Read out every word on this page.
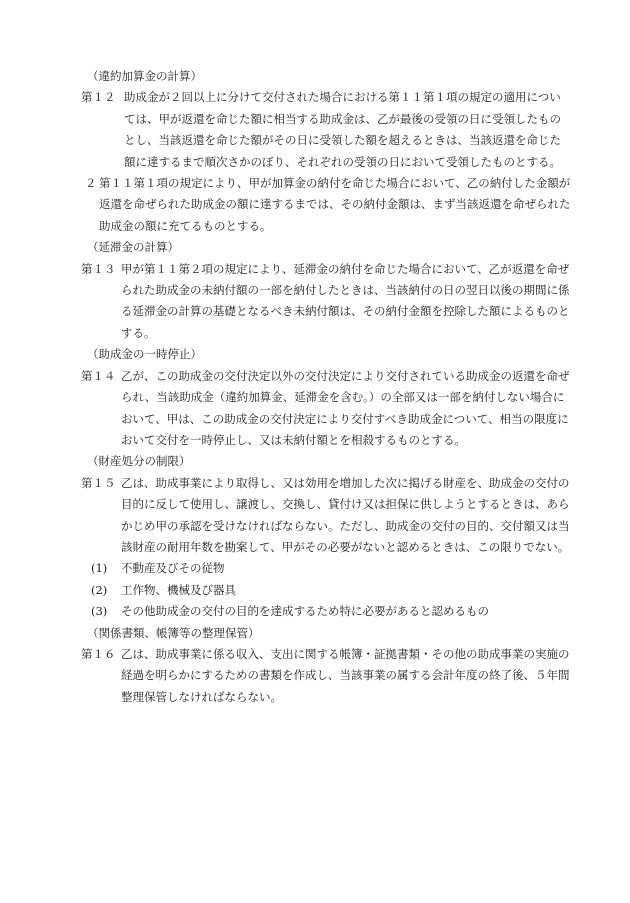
（違約加算金の計算）
第１２ 助成金が２回以上に分けて交付された場合における第１１第１項の規定の適用については、甲が返還を命じた額に相当する助成金は、乙が最後の受領の日に受領したものとし、当該返還を命じた額がその日に受領した額を超えるときは、当該返還を命じた額に達するまで順次さかのぼり、それぞれの受領の日において受領したものとする。
２ 第１１第１項の規定により、甲が加算金の納付を命じた場合において、乙の納付した金額が返還を命ぜられた助成金の額に達するまでは、その納付金額は、まず当該返還を命ぜられた助成金の額に充てるものとする。
（延滞金の計算）
第１３ 甲が第１１第２項の規定により、延滞金の納付を命じた場合において、乙が返還を命ぜられた助成金の未納付額の一部を納付したときは、当該納付の日の翌日以後の期間に係る延滞金の計算の基礎となるべき未納付額は、その納付金額を控除した額によるものとする。
（助成金の一時停止）
第１４ 乙が、この助成金の交付決定以外の交付決定により交付されている助成金の返還を命ぜられ、当該助成金（違約加算金、延滞金を含む。）の全部又は一部を納付しない場合において、甲は、この助成金の交付決定により交付すべき助成金について、相当の限度において交付を一時停止し、又は未納付額とを相殺するものとする。
（財産処分の制限）
第１５ 乙は、助成事業により取得し、又は効用を増加した次に掲げる財産を、助成金の交付の目的に反して使用し、譲渡し、交換し、貸付け又は担保に供しようとするときは、あらかじめ甲の承認を受けなければならない。ただし、助成金の交付の目的、交付額又は当該財産の耐用年数を勘案して、甲がその必要がないと認めるときは、この限りでない。
(1)	不動産及びその従物
(2)	工作物、機械及び器具
(3)	その他助成金の交付の目的を達成するため特に必要があると認めるもの
（関係書類、帳簿等の整理保管）
第１６ 乙は、助成事業に係る収入、支出に関する帳簿・証拠書類・その他の助成事業の実施の経過を明らかにするための書類を作成し、当該事業の属する会計年度の終了後、５年間整理保管しなければならない。
